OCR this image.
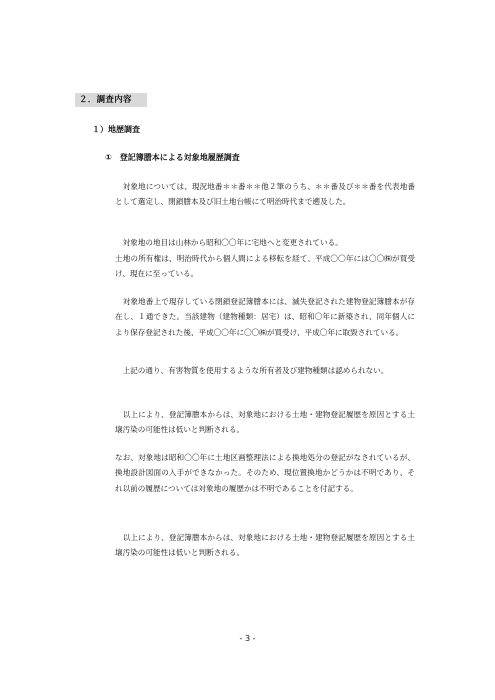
２．調査内容
１）地歴調査
① 登記簿謄本による対象地履歴調査

　対象地については、現況地番＊＊番＊＊他２筆のうち、＊＊番及び＊＊番を代表地番として選定し、閉鎖謄本及び旧土地台帳にて明治時代まで遡及した。

　対象地の地目は山林から昭和〇〇年に宅地へと変更されている。

土地の所有権は、明治時代から個人間による移転を経て、平成〇〇年には〇〇㈱が買受け、現在に至っている。

　対象地番上で現存している閉鎖登記簿謄本には、滅失登記された建物登記簿謄本が存在し、１通できた。当該建物（建物種類：居宅）は、昭和〇年に新築され、同年個人により保存登記された後、平成〇〇年に〇〇㈱が買受け、平成〇年に取毀されている。

　上記の通り、有害物質を使用するような所有者及び建物種類は認められない。

　以上により、登記簿謄本からは、対象地における土地・建物登記履歴を原因とする土壌汚染の可能性は低いと判断される。

なお、対象地は昭和〇〇年に土地区画整理法による換地処分の登記がなされているが、換地設計図面の入手ができなかった。そのため、現位置換地かどうかは不明であり、それ以前の履歴については対象地の履歴かは不明であることを付記する。

　以上により、登記簿謄本からは、対象地における土地・建物登記履歴を原因とする土壌汚染の可能性は低いと判断される。

- 3 -
